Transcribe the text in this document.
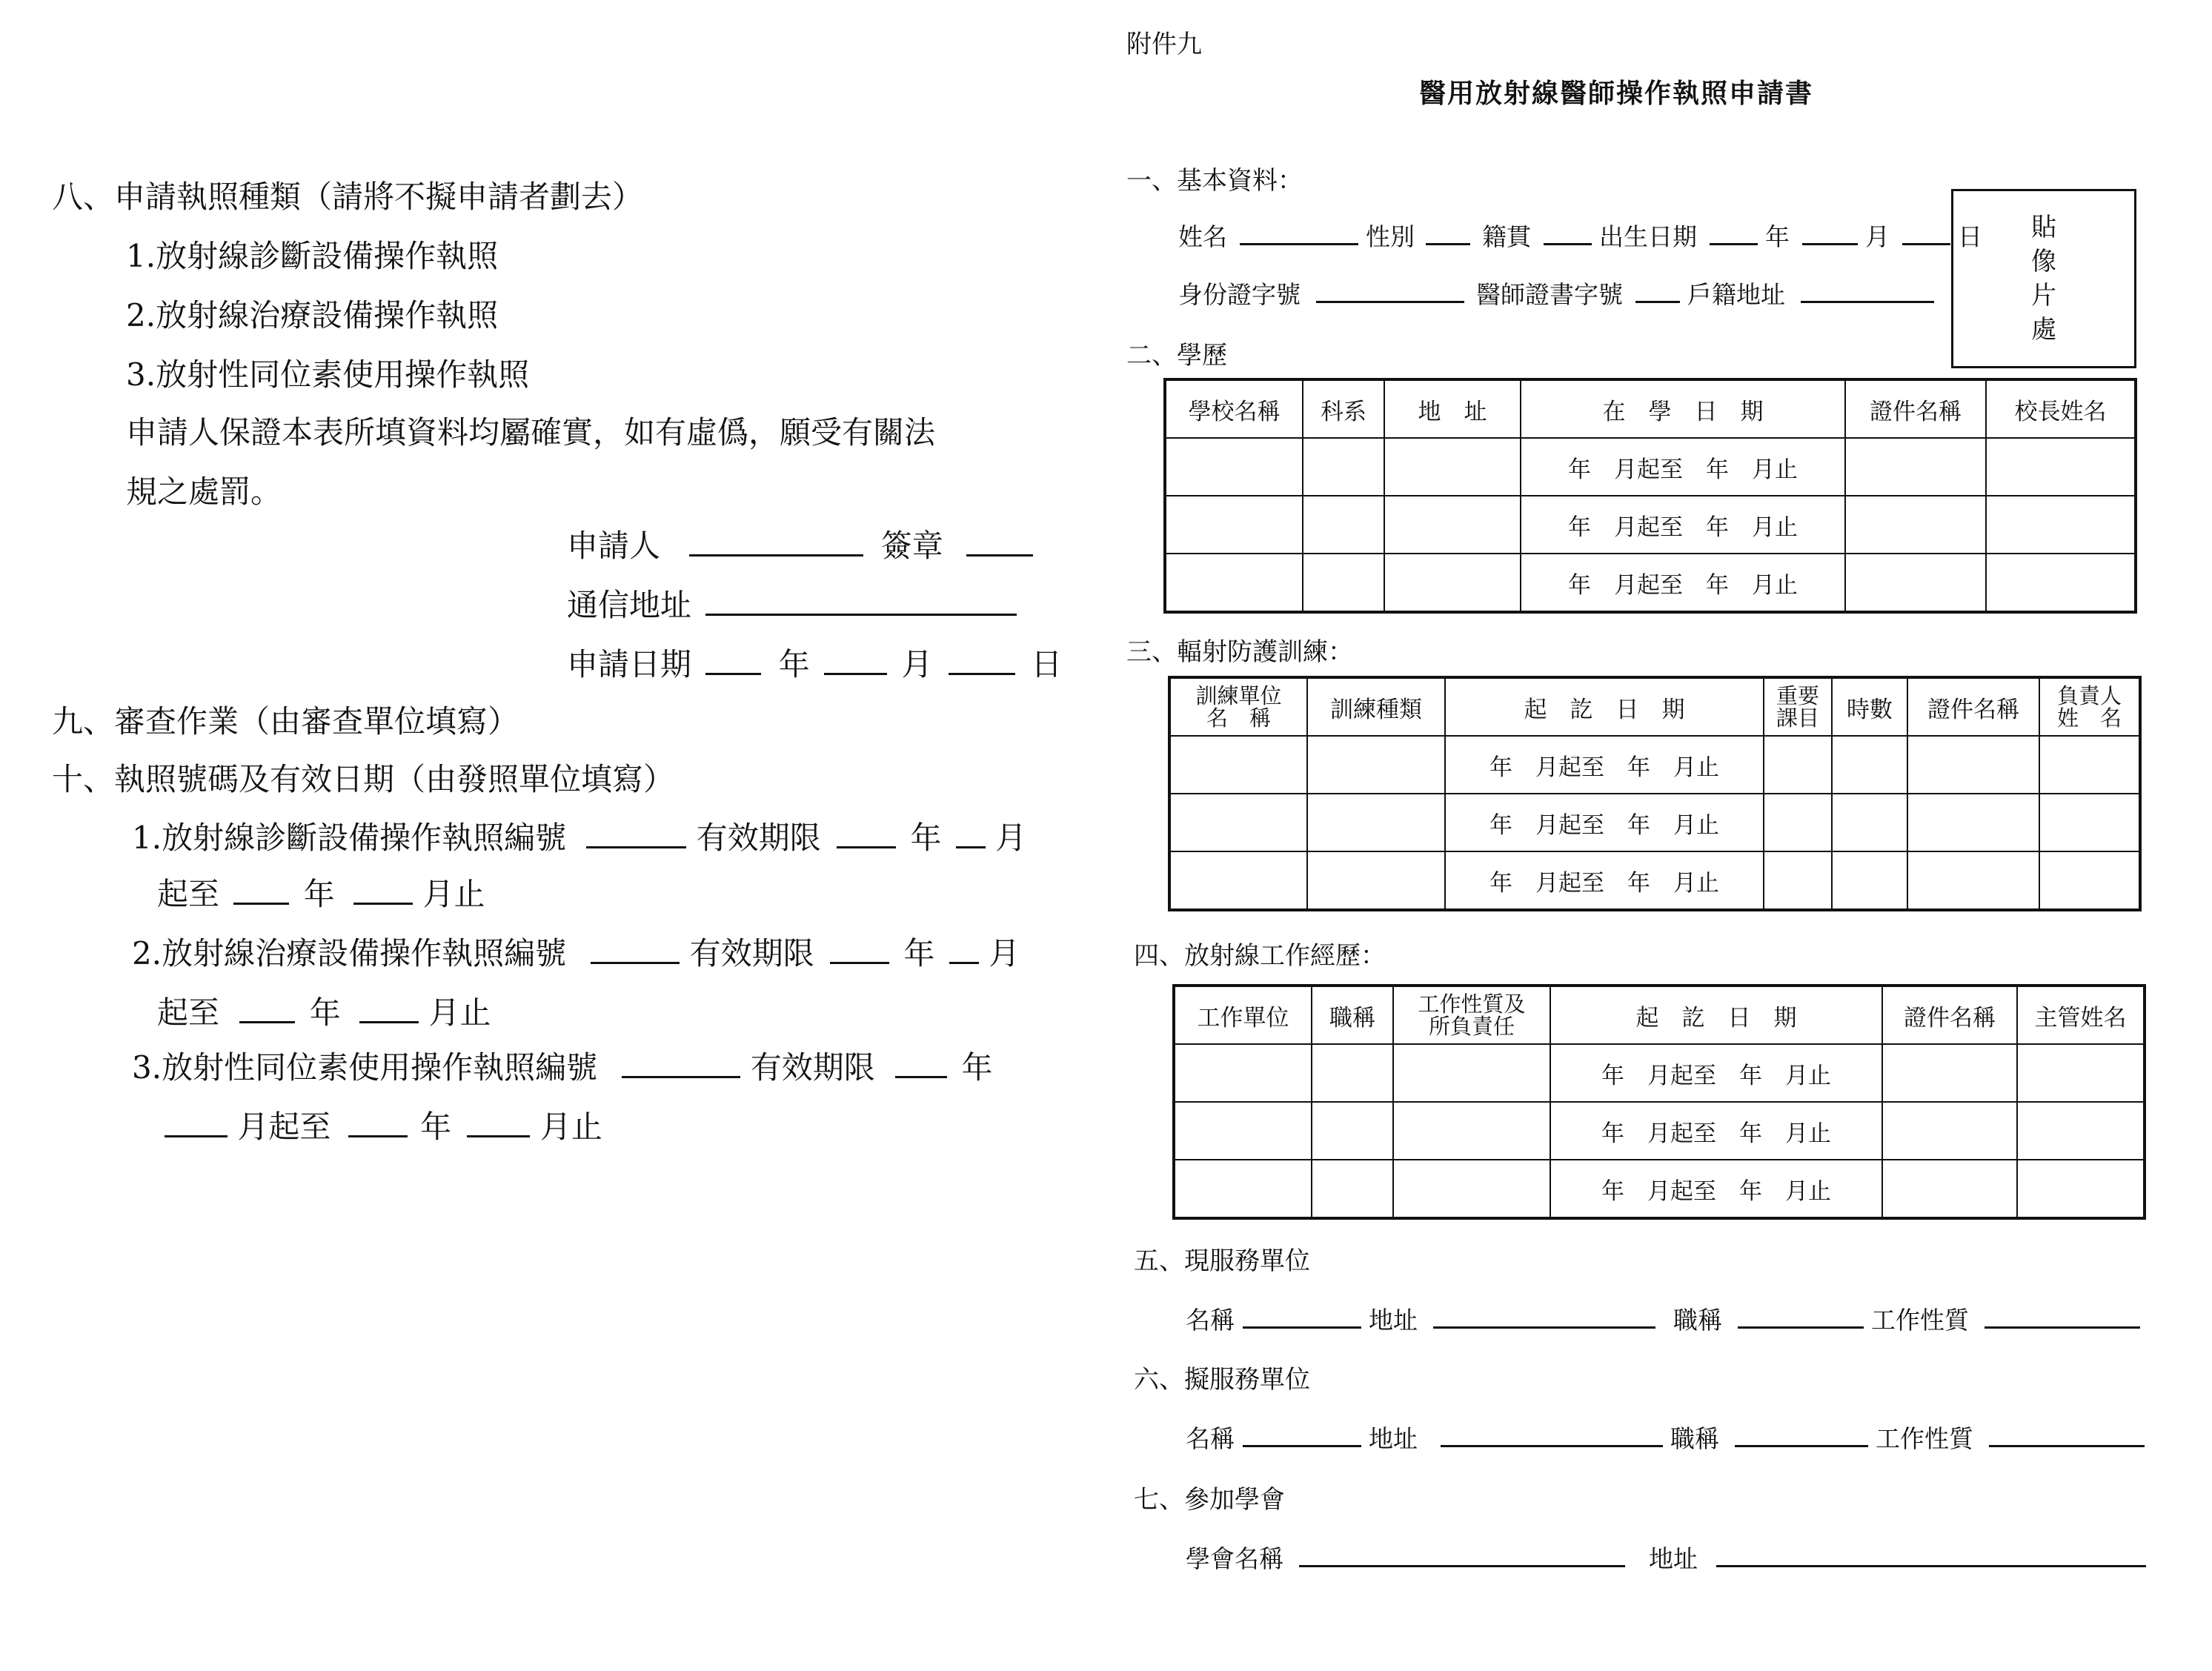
八、申請執照種類（請將不擬申請者劃去）
1.放射線診斷設備操作執照
2.放射線治療設備操作執照
3.放射性同位素使用操作執照
申請人保證本表所填資料均屬確實，如有虛僞，願受有關法
規之處罰。
申請人	簽章
通信地址
申請日期	年	月	日
九、審查作業（由審查單位填寫）
十、執照號碼及有效日期（由發照單位填寫）
1.放射線診斷設備操作執照編號	有效期限	年 月
起至	年	月止
2.放射線治療設備操作執照編號	有效期限	年 月
起至	年	月止
3.放射性同位素使用操作執照編號	有效期限	年
月起至	年	月止
附件九
醫用放射線醫師操作執照申請書
一、基本資料：
姓名	性別	籍貫	出生日期	年	月	日
身份證字號	醫師證書字號	戶籍地址
貼
像
片
處
二、學歷
學校名稱	科系	地　址	在　學　日　期	證件名稱	校長姓名
			年　月起至　年　月止		
			年　月起至　年　月止		
			年　月起至　年　月止		
三、輻射防護訓練：
訓練單位
名　稱	訓練種類	起　訖　日　期	重要
課目	時數	證件名稱	負責人
姓　名
		年　月起至　年　月止				
		年　月起至　年　月止				
		年　月起至　年　月止				
四、放射線工作經歷：
工作單位	職稱	工作性質及
所負責任	起　訖　日　期	證件名稱	主管姓名
			年　月起至　年　月止		
			年　月起至　年　月止		
			年　月起至　年　月止		
五、現服務單位
名稱	地址	職稱	工作性質
六、擬服務單位
名稱	地址	職稱	工作性質
七、參加學會
學會名稱	地址
